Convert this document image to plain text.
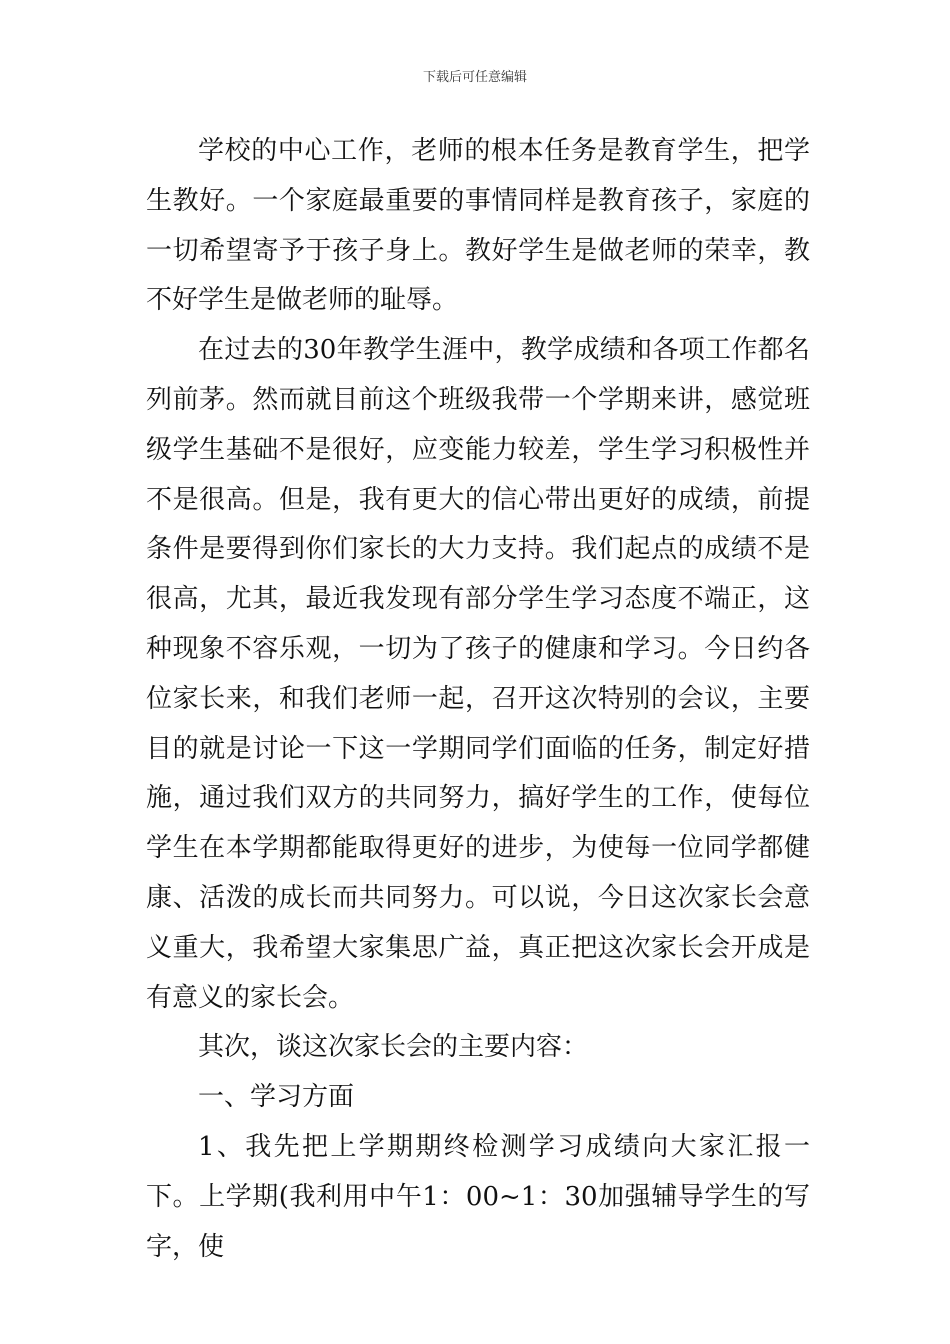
下载后可任意编辑

学校的中心工作，老师的根本任务是教育学生，把学生教好。一个家庭最重要的事情同样是教育孩子，家庭的一切希望寄予于孩子身上。教好学生是做老师的荣幸，教不好学生是做老师的耻辱。

在过去的30年教学生涯中，教学成绩和各项工作都名列前茅。然而就目前这个班级我带一个学期来讲，感觉班级学生基础不是很好，应变能力较差，学生学习积极性并不是很高。但是，我有更大的信心带出更好的成绩，前提条件是要得到你们家长的大力支持。我们起点的成绩不是很高，尤其，最近我发现有部分学生学习态度不端正，这种现象不容乐观，一切为了孩子的健康和学习。今日约各位家长来，和我们老师一起，召开这次特别的会议，主要目的就是讨论一下这一学期同学们面临的任务，制定好措施，通过我们双方的共同努力，搞好学生的工作，使每位学生在本学期都能取得更好的进步，为使每一位同学都健康、活泼的成长而共同努力。可以说，今日这次家长会意义重大，我希望大家集思广益，真正把这次家长会开成是有意义的家长会。

其次，谈这次家长会的主要内容：

一、学习方面

1、我先把上学期期终检测学习成绩向大家汇报一下。上学期(我利用中午1：00~1：30加强辅导学生的写字，使
